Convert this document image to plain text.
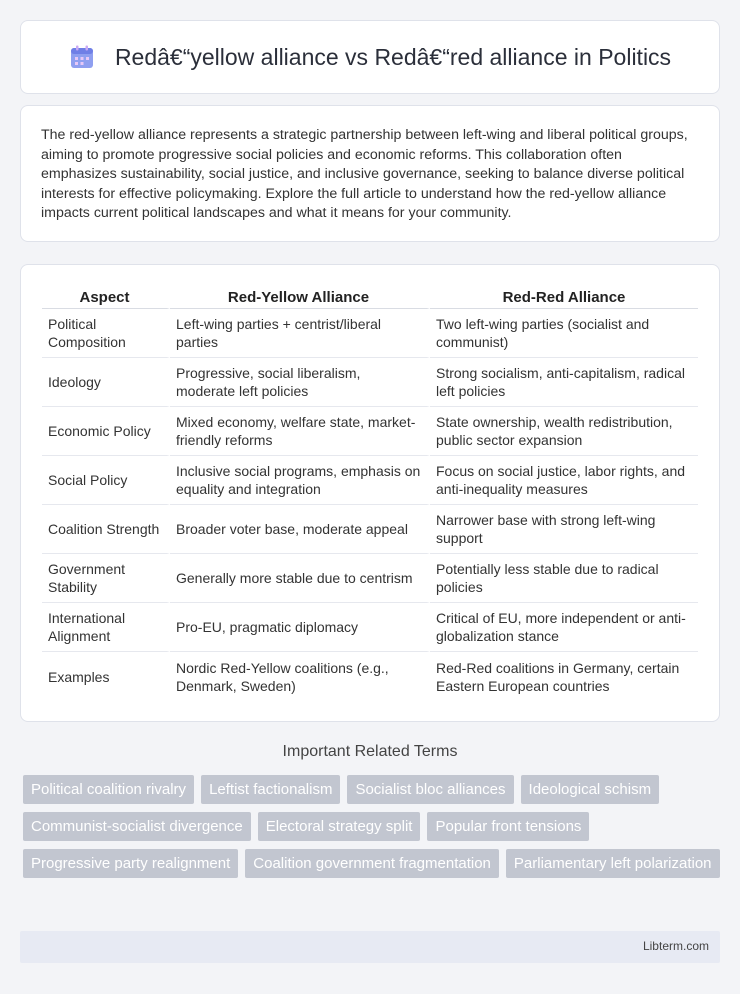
Redâ€“yellow alliance vs Redâ€“red alliance in Politics

The red-yellow alliance represents a strategic partnership between left-wing and liberal political groups, aiming to promote progressive social policies and economic reforms. This collaboration often emphasizes sustainability, social justice, and inclusive governance, seeking to balance diverse political interests for effective policymaking. Explore the full article to understand how the red-yellow alliance impacts current political landscapes and what it means for your community.

Aspect	Red-Yellow Alliance	Red-Red Alliance
Political Composition	Left-wing parties + centrist/liberal parties	Two left-wing parties (socialist and communist)
Ideology	Progressive, social liberalism, moderate left policies	Strong socialism, anti-capitalism, radical left policies
Economic Policy	Mixed economy, welfare state, market-friendly reforms	State ownership, wealth redistribution, public sector expansion
Social Policy	Inclusive social programs, emphasis on equality and integration	Focus on social justice, labor rights, and anti-inequality measures
Coalition Strength	Broader voter base, moderate appeal	Narrower base with strong left-wing support
Government Stability	Generally more stable due to centrism	Potentially less stable due to radical policies
International Alignment	Pro-EU, pragmatic diplomacy	Critical of EU, more independent or anti-globalization stance
Examples	Nordic Red-Yellow coalitions (e.g., Denmark, Sweden)	Red-Red coalitions in Germany, certain Eastern European countries
Important Related Terms
Political coalition rivalry	Leftist factionalism	Socialist bloc alliances	Ideological schism
Communist-socialist divergence	Electoral strategy split	Popular front tensions
Progressive party realignment	Coalition government fragmentation	Parliamentary left polarization
Libterm.com
